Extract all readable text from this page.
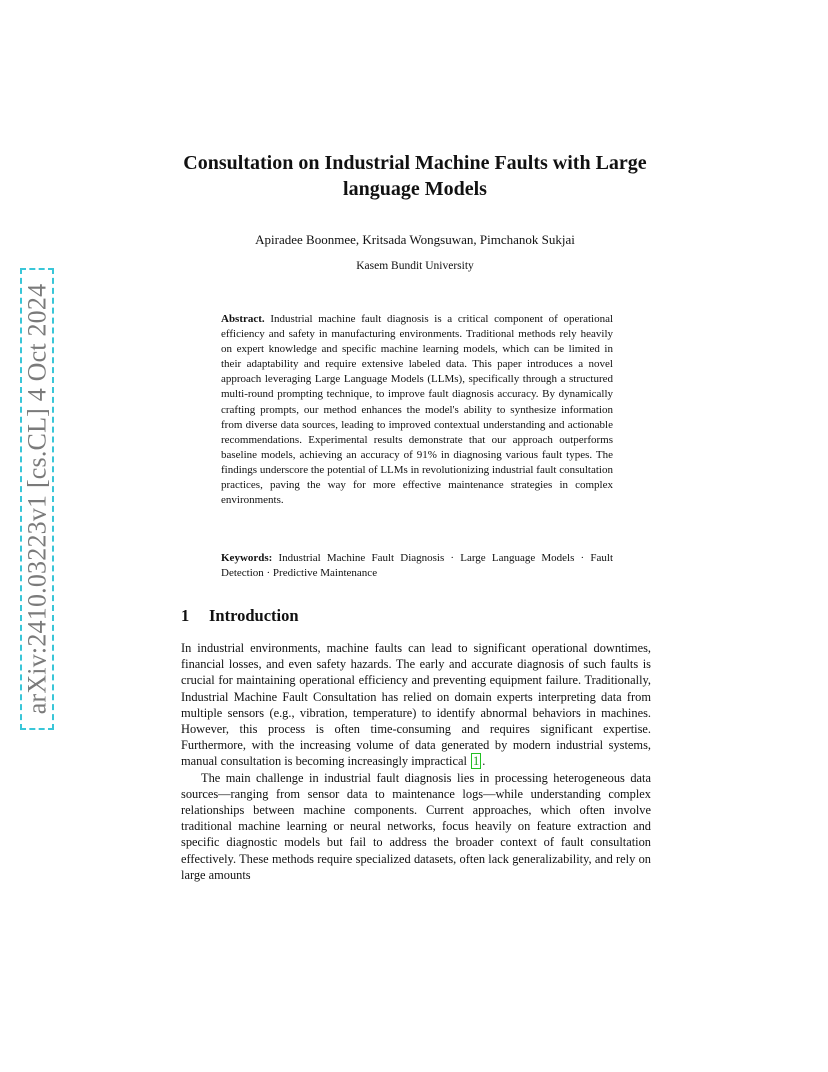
arXiv:2410.03223v1 [cs.CL] 4 Oct 2024
Consultation on Industrial Machine Faults with Large language Models
Apiradee Boonmee, Kritsada Wongsuwan, Pimchanok Sukjai
Kasem Bundit University
Abstract. Industrial machine fault diagnosis is a critical component of operational efficiency and safety in manufacturing environments. Traditional methods rely heavily on expert knowledge and specific machine learning models, which can be limited in their adaptability and require extensive labeled data. This paper introduces a novel approach leveraging Large Language Models (LLMs), specifically through a structured multi-round prompting technique, to improve fault diagnosis accuracy. By dynamically crafting prompts, our method enhances the model's ability to synthesize information from diverse data sources, leading to improved contextual understanding and actionable recommendations. Experimental results demonstrate that our approach outperforms baseline models, achieving an accuracy of 91% in diagnosing various fault types. The findings underscore the potential of LLMs in revolutionizing industrial fault consultation practices, paving the way for more effective maintenance strategies in complex environments.
Keywords: Industrial Machine Fault Diagnosis · Large Language Models · Fault Detection · Predictive Maintenance
1 Introduction

In industrial environments, machine faults can lead to significant operational downtimes, financial losses, and even safety hazards. The early and accurate diagnosis of such faults is crucial for maintaining operational efficiency and preventing equipment failure. Traditionally, Industrial Machine Fault Consultation has relied on domain experts interpreting data from multiple sensors (e.g., vibration, temperature) to identify abnormal behaviors in machines. However, this process is often time-consuming and requires significant expertise. Furthermore, with the increasing volume of data generated by modern industrial systems, manual consultation is becoming increasingly impractical 1 .

The main challenge in industrial fault diagnosis lies in processing heterogeneous data sources—ranging from sensor data to maintenance logs—while understanding complex relationships between machine components. Current approaches, which often involve traditional machine learning or neural networks, focus heavily on feature extraction and specific diagnostic models but fail to address the broader context of fault consultation effectively. These methods require specialized datasets, often lack generalizability, and rely on large amounts
